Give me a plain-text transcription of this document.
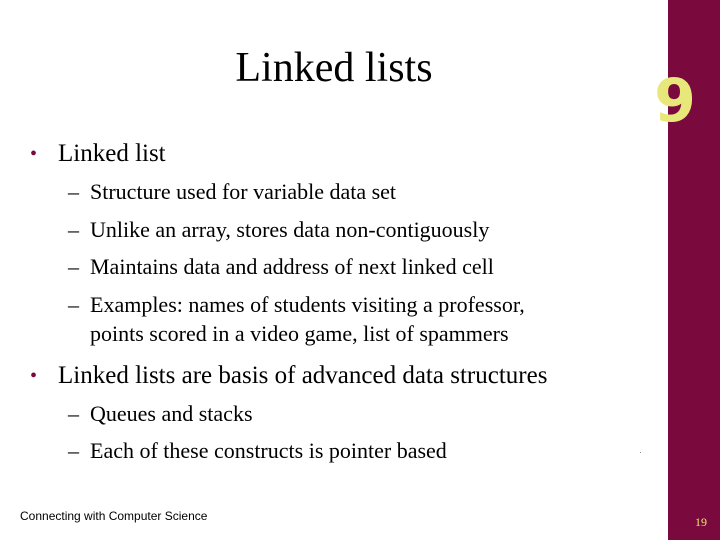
9
Linked lists
• Linked list
– Structure used for variable data set
– Unlike an array, stores data non-contiguously
– Maintains data and address of next linked cell
– Examples: names of students visiting a professor,
points scored in a video game, list of spammers
• Linked lists are basis of advanced data structures
– Queues and stacks
– Each of these constructs is pointer based
Connecting with Computer Science	19
